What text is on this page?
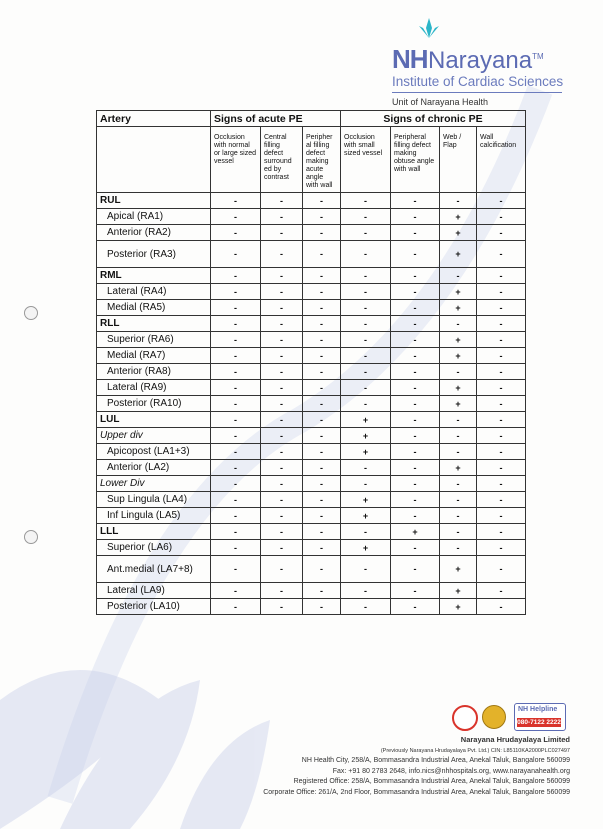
NH Narayana™
Institute of Cardiac Sciences
Unit of Narayana Health
Artery	Signs of acute PE			Signs of chronic PE			
	Occlusion with normal or large sized vessel	Central filling defect surround ed by contrast	Peripher al filling defect making acute angle with wall	Occlusion with small sized vessel	Peripheral filling defect making obtuse angle with wall	Web / Flap	Wall calcification
RUL	-	-	-	-	-	-	-
Apical (RA1)	-	-	-	-	-	+	-
Anterior (RA2)	-	-	-	-	-	+	-
Posterior (RA3)	-	-	-	-	-	+	-
RML	-	-	-	-	-	-	-
Lateral (RA4)	-	-	-	-	-	+	-
Medial (RA5)	-	-	-	-	-	+	-
RLL	-	-	-	-	-	-	-
Superior (RA6)	-	-	-	-	-	+	-
Medial (RA7)	-	-	-	-	-	+	-
Anterior (RA8)	-	-	-	-	-	-	-
Lateral (RA9)	-	-	-	-	-	+	-
Posterior (RA10)	-	-	-	-	-	+	-
LUL	-	-	-	+	-	-	-
Upper div	-	-	-	+	-	-	-
Apicopost (LA1+3)	-	-	-	+	-	-	-
Anterior (LA2)	-	-	-	-	-	+	-
Lower Div	-	-	-	-	-	-	-
Sup Lingula (LA4)	-	-	-	+	-	-	-
Inf Lingula (LA5)	-	-	-	+	-	-	-
LLL	-	-	-	-	+	-	-
Superior (LA6)	-	-	-	+	-	-	-
Ant.medial (LA7+8)	-	-	-	-	-	+	-
Lateral (LA9)	-	-	-	-	-	+	-
Posterior (LA10)	-	-	-	-	-	+	-
NH Helpline
080-7122 2222
Narayana Hrudayalaya Limited
(Previously Narayana Hrudayalaya Pvt. Ltd.) CIN: L85110KA2000PLC027497
NH Health City, 258/A, Bommasandra Industrial Area, Anekal Taluk, Bangalore 560099
Fax: +91 80 2783 2648, info.nics@nhhospitals.org, www.narayanahealth.org
Registered Office: 258/A, Bommasandra Industrial Area, Anekal Taluk, Bangalore 560099
Corporate Office: 261/A, 2nd Floor, Bommasandra Industrial Area, Anekal Taluk, Bangalore 560099
